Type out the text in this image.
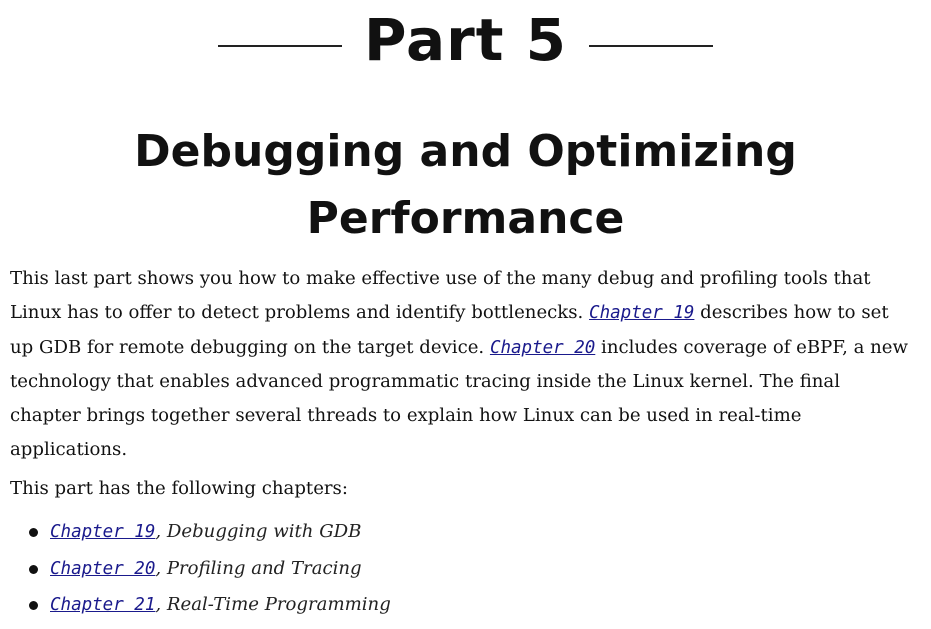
Part 5
Debugging and Optimizing
Performance

This last part shows you how to make effective use of the many debug and profiling tools that Linux has to offer to detect problems and identify bottlenecks. Chapter 19 describes how to set up GDB for remote debugging on the target device. Chapter 20 includes coverage of eBPF, a new technology that enables advanced programmatic tracing inside the Linux kernel. The final chapter brings together several threads to explain how Linux can be used in real-time applications.

This part has the following chapters:

Chapter 19, Debugging with GDB
Chapter 20, Profiling and Tracing
Chapter 21, Real-Time Programming
